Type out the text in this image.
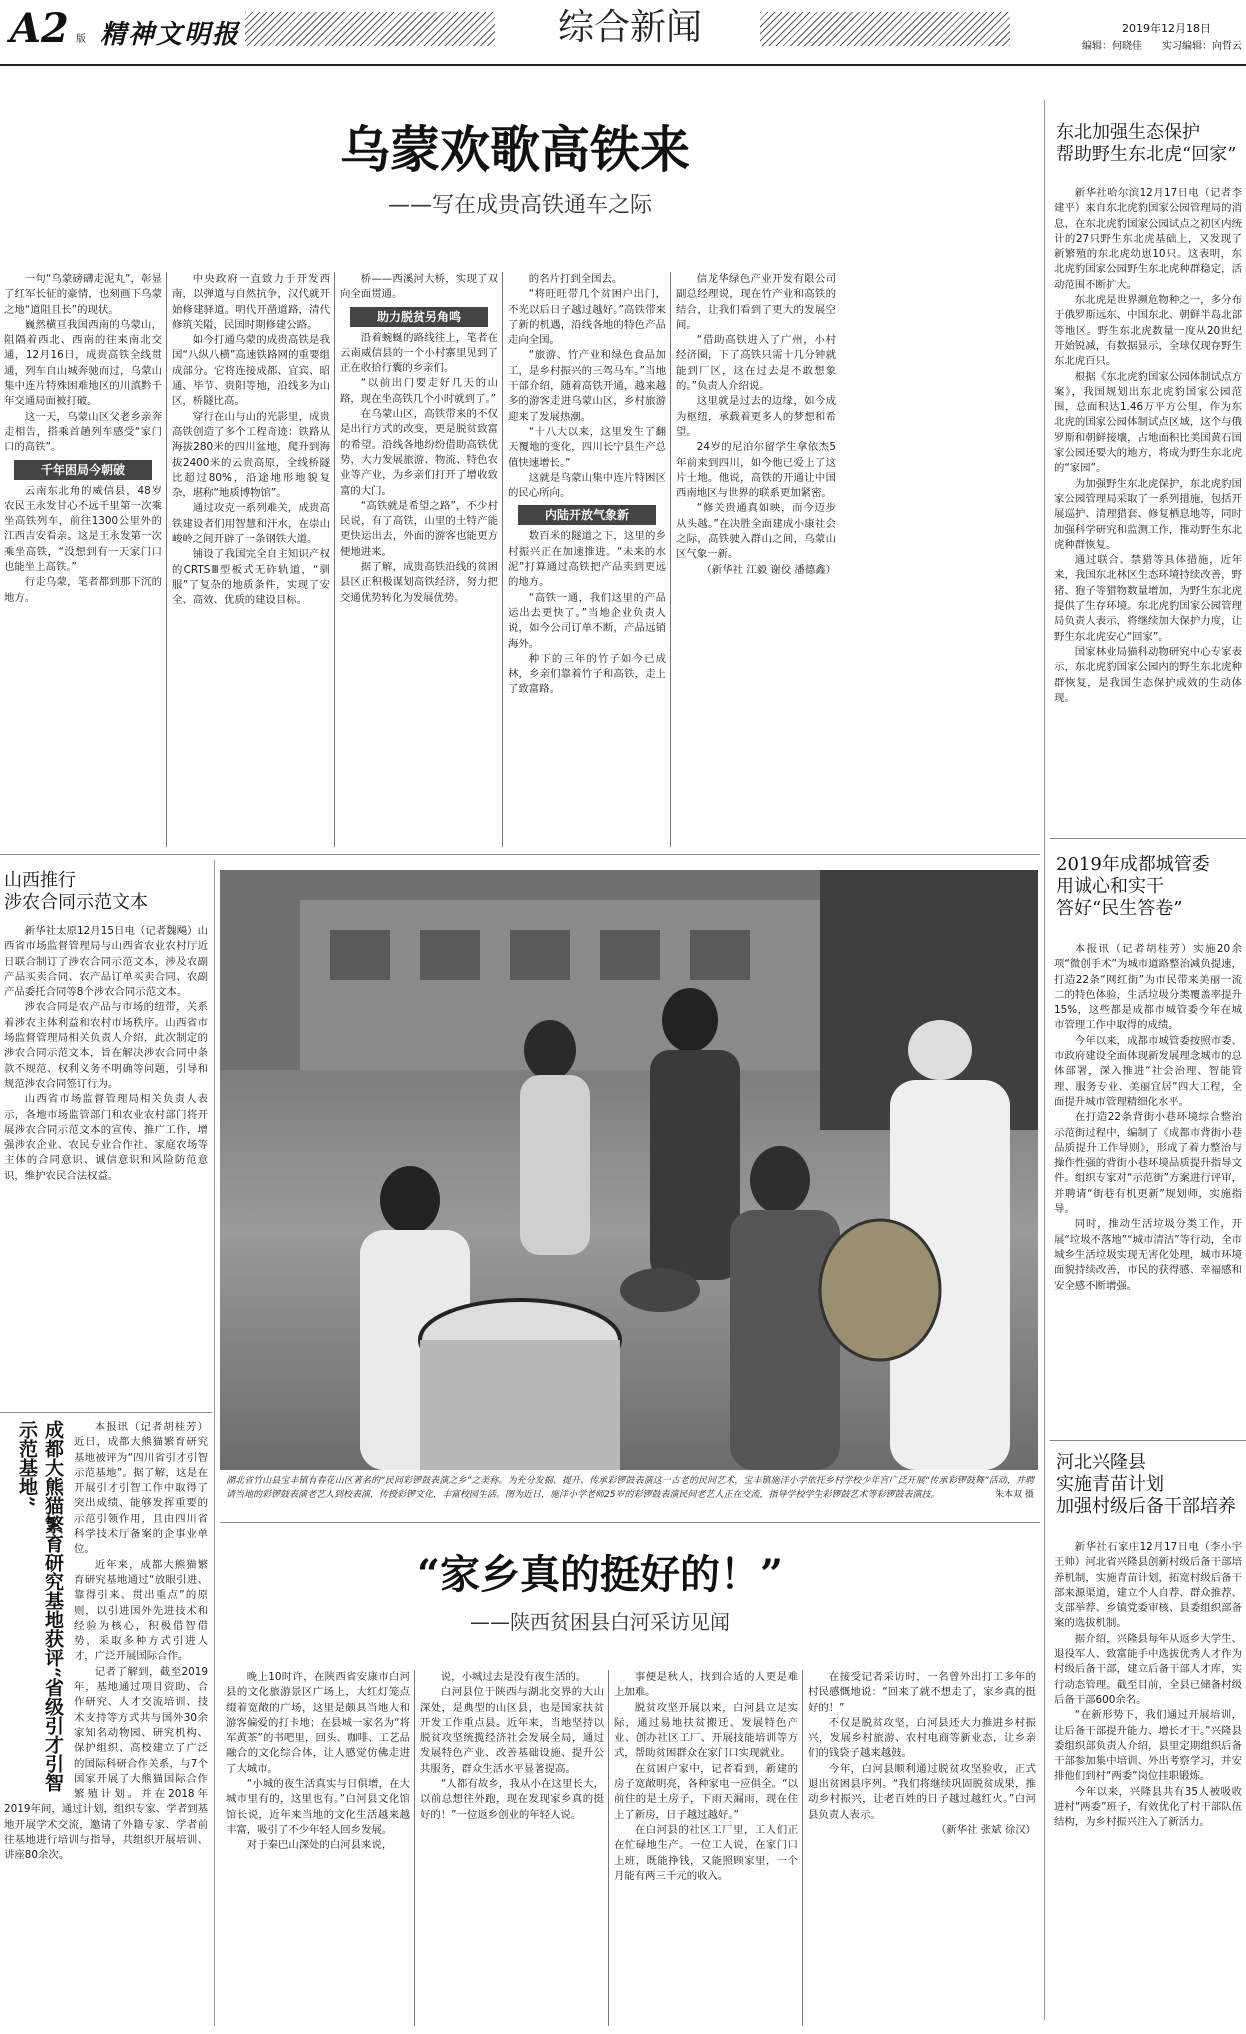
A2 版 精神文明报	综合新闻	2019年12月18日
编辑：何晓佳 实习编辑：向哲云
乌蒙欢歌高铁来
——写在成贵高铁通车之际

一句“乌蒙磅礴走泥丸”，彰显了红军长征的豪情，也刻画下乌蒙之地“道阻且长”的现状。

巍然横亘我国西南的乌蒙山，阻隔着西北、西南的往来南北交通，12月16日，成贵高铁全线贯通，列车自山城奔驰而过，乌蒙山集中连片特殊困难地区的川滇黔千年交通局面被打破。

这一天，乌蒙山区父老乡亲奔走相告，搭乘首趟列车感受“家门口的高铁”。

千年困局今朝破

云南东北角的威信县，48岁农民王永发甘心不远千里第一次乘坐高铁列车，前往1300公里外的江西吉安看亲。这是王永发第一次乘坐高铁，“没想到有一天家门口也能坐上高铁。”

行走乌蒙，笔者都到那下沉的地方。

中央政府一直致力于开发西南，以弹道与自然抗争，汉代就开始修建驿道。明代开凿道路，清代修筑关隘，民国时期修建公路。

如今打通乌蒙的成贵高铁是我国“八纵八横”高速铁路网的重要组成部分。它将连接成都、宜宾、昭通、毕节、贵阳等地，沿线多为山区，桥隧比高。

穿行在山与山的光影里，成贵高铁创造了多个工程奇迹：铁路从海拔280米的四川盆地，爬升到海拔2400米的云贵高原，全线桥隧比超过80%，沿途地形地貌复杂，堪称“地质博物馆”。

通过攻克一系列难关，成贵高铁建设者们用智慧和汗水，在崇山峻岭之间开辟了一条钢铁大道。

铺设了我国完全自主知识产权的CRTSⅢ型板式无砟轨道，“驯服”了复杂的地质条件，实现了安全、高效、优质的建设目标。

桥——西溪河大桥，实现了双向全面贯通。

助力脱贫另角鸣

沿着蜿蜒的路线往上，笔者在云南威信县的一个小村寨里见到了正在收拾行囊的乡亲们。

“以前出门要走好几天的山路，现在坐高铁几个小时就到了。”

在乌蒙山区，高铁带来的不仅是出行方式的改变，更是脱贫致富的希望。沿线各地纷纷借助高铁优势，大力发展旅游、物流、特色农业等产业，为乡亲们打开了增收致富的大门。

“高铁就是希望之路”，不少村民说，有了高铁，山里的土特产能更快运出去，外面的游客也能更方便地进来。

据了解，成贵高铁沿线的贫困县区正积极谋划高铁经济，努力把交通优势转化为发展优势。

的名片打到全国去。

“将旺旺带几个贫困户出门，不光以后日子越过越好。”高铁带来了新的机遇，沿线各地的特色产品走向全国。

“旅游、竹产业和绿色食品加工，是乡村振兴的三驾马车。”当地干部介绍，随着高铁开通，越来越多的游客走进乌蒙山区，乡村旅游迎来了发展热潮。

“十八大以来，这里发生了翻天覆地的变化，四川长宁县生产总值快速增长。”

这就是乌蒙山集中连片特困区的民心所向。

内陆开放气象新

数百米的隧道之下，这里的乡村振兴正在加速推进。“未来的水泥”打算通过高铁把产品卖到更远的地方。

“高铁一通，我们这里的产品运出去更快了。”当地企业负责人说，如今公司订单不断，产品远销海外。

种下的三年的竹子如今已成林，乡亲们靠着竹子和高铁，走上了致富路。

信龙华绿色产业开发有限公司副总经理说，现在竹产业和高铁的结合，让我们看到了更大的发展空间。

“借助高铁进入了广州，小村经济圈，下了高铁只需十几分钟就能到厂区，这在过去是不敢想象的。”负责人介绍说。

这里就是过去的边缘，如今成为枢纽，承载着更多人的梦想和希望。

24岁的尼泊尔留学生拿依杰5年前来到四川，如今他已爱上了这片土地。他说，高铁的开通让中国西南地区与世界的联系更加紧密。

“修关贵通真如映，而今迈步从头越。”在决胜全面建成小康社会之际，高铁驶入群山之间，乌蒙山区气象一新。

（新华社 江毅 谢佼 潘德鑫）

东北加强生态保护
帮助野生东北虎“回家”

新华社哈尔滨12月17日电（记者李建平）来自东北虎豹国家公园管理局的消息，在东北虎豹国家公园试点之初区内统计的27只野生东北虎基础上，又发现了新繁殖的东北虎幼崽10只。这表明，东北虎豹国家公园野生东北虎种群稳定，活动范围不断扩大。

东北虎是世界濒危物种之一，多分布于俄罗斯远东、中国东北、朝鲜半岛北部等地区。野生东北虎数量一度从20世纪开始锐减，有数据显示，全球仅现存野生东北虎百只。

根据《东北虎豹国家公园体制试点方案》，我国规划出东北虎豹国家公园范围，总面积达1.46万平方公里，作为东北虎的国家公园体制试点区域，这个与俄罗斯和朝鲜接壤，占地面积比美国黄石国家公园还要大的地方，将成为野生东北虎的“家园”。

为加强野生东北虎保护，东北虎豹国家公园管理局采取了一系列措施，包括开展巡护、清理猎套、修复栖息地等，同时加强科学研究和监测工作，推动野生东北虎种群恢复。

通过联合、禁猎等具体措施，近年来，我国东北林区生态环境持续改善，野猪、狍子等猎物数量增加，为野生东北虎提供了生存环境。东北虎豹国家公园管理局负责人表示，将继续加大保护力度，让野生东北虎安心“回家”。

国家林业局猫科动物研究中心专家表示，东北虎豹国家公园内的野生东北虎种群恢复，是我国生态保护成效的生动体现。

2019年成都城管委
用诚心和实干
答好“民生答卷”

本报讯（记者胡桂芳）实施20余项“微创手术”为城市道路整治减负提速，打造22条“网红街”为市民带来美丽一流二的特色体验，生活垃圾分类覆盖率提升15%，这些都是成都市城管委今年在城市管理工作中取得的成绩。

今年以来，成都市城管委按照市委、市政府建设全面体现新发展理念城市的总体部署，深入推进“社会治理、智能管理、服务专业、美丽宜居”四大工程，全面提升城市管理精细化水平。

在打造22条背街小巷环境综合整治示范街过程中，编制了《成都市背街小巷品质提升工作导则》，形成了着力整治与操作性强的背街小巷环境品质提升指导文件。组织专家对“示范街”方案进行评审，并聘请“街巷有机更新”规划师，实施指导。

同时，推动生活垃圾分类工作，开展“垃圾不落地”“城市清洁”等行动，全市城乡生活垃圾实现无害化处理，城市环境面貌持续改善，市民的获得感、幸福感和安全感不断增强。

河北兴隆县
实施青苗计划
加强村级后备干部培养

新华社石家庄12月17日电（李小宇 王帅）河北省兴隆县创新村级后备干部培养机制，实施青苗计划，拓宽村级后备干部来源渠道，建立个人自荐、群众推荐、支部举荐、乡镇党委审核、县委组织部备案的选拔机制。

据介绍，兴隆县每年从返乡大学生、退役军人、致富能手中选拔优秀人才作为村级后备干部，建立后备干部人才库，实行动态管理。截至目前，全县已储备村级后备干部600余名。

“在新形势下，我们通过开展培训，让后备干部提升能力、增长才干。”兴隆县委组织部负责人介绍，县里定期组织后备干部参加集中培训、外出考察学习，并安排他们到村“两委”岗位挂职锻炼。

今年以来，兴隆县共有35人被吸收进村“两委”班子，有效优化了村干部队伍结构，为乡村振兴注入了新活力。

山西推行
涉农合同示范文本

新华社太原12月15日电（记者魏飚）山西省市场监督管理局与山西省农业农村厅近日联合制订了涉农合同示范文本，涉及农副产品买卖合同、农产品订单买卖合同、农副产品委托合同等8个涉农合同示范文本。

涉农合同是农产品与市场的纽带，关系着涉农主体利益和农村市场秩序。山西省市场监督管理局相关负责人介绍，此次制定的涉农合同示范文本，旨在解决涉农合同中条款不规范、权利义务不明确等问题，引导和规范涉农合同签订行为。

山西省市场监督管理局相关负责人表示，各地市场监管部门和农业农村部门将开展涉农合同示范文本的宣传、推广工作，增强涉农企业、农民专业合作社、家庭农场等主体的合同意识、诚信意识和风险防范意识，维护农民合法权益。

成都大熊猫繁育研究基地获评“省级引才引智示范基地”	本报讯（记者胡桂芳）近日，成都大熊猫繁育研究基地被评为“四川省引才引智示范基地”。据了解，这是在开展引才引智工作中取得了突出成绩、能够发挥重要的示范引领作用，且由四川省科学技术厅备案的企事业单位。

近年来，成都大熊猫繁育研究基地通过“放眼引进、靠得引来、贯出重点”的原则，以引进国外先进技术和经验为核心，积极借智借势，采取多种方式引进人才，广泛开展国际合作。

记者了解到，截至2019年，基地通过项目资助、合作研究、人才交流培训、技术支持等方式共与国外30余家知名动物园、研究机构、保护组织、高校建立了广泛的国际科研合作关系，与7个国家开展了大熊猫国际合作繁殖计划。并在2018年2019年间，通过计划，组织专家、学者到基地开展学术交流，邀请了外籍专家、学者前往基地进行培训与指导，共组织开展培训、讲座80余次。

湖北省竹山县宝丰镇有春花山区著名的“民间彩锣鼓表演之乡”之美称。为充分发掘、提升、传承彩锣鼓表演这一古老的民间艺术，宝丰镇施洋小学依托乡村学校少年宫广泛开展“传承彩锣鼓舞”活动，并聘请当地的彩锣鼓表演老艺人到校表演，传授彩锣文化，丰富校园生活。图为近日，施洋小学老师25岁的彩锣鼓表演民间老艺人正在交流，指导学校学生彩锣鼓艺术等彩锣鼓表演技。	朱本双 摄
“家乡真的挺好的！”
——陕西贫困县白河采访见闻

晚上10时许，在陕西省安康市白河县的文化旅游景区广场上，大红灯笼点缀着宽敞的广场，这里是颇具当地人和游客偏爱的打卡地；在县城一家名为“将军黄茶”的书吧里，回头、咖啡、工艺品融合的文化综合体，让人感觉仿佛走进了大城市。

“小城的夜生活真实与日俱增，在大城市里有的，这里也有。”白河县文化馆馆长说，近年来当地的文化生活越来越丰富，吸引了不少年轻人回乡发展。

对于秦巴山深处的白河县来说，

说，小城过去是没有夜生活的。

白河县位于陕西与湖北交界的大山深处，是典型的山区县，也是国家扶贫开发工作重点县。近年来，当地坚持以脱贫攻坚统揽经济社会发展全局，通过发展特色产业、改善基础设施、提升公共服务，群众生活水平显著提高。

“人都有故乡，我从小在这里长大，以前总想往外跑，现在发现家乡真的挺好的！”一位返乡创业的年轻人说。

事便是秋人，找到合适的人更是难上加难。

脱贫攻坚开展以来，白河县立足实际，通过易地扶贫搬迁、发展特色产业、创办社区工厂、开展技能培训等方式，帮助贫困群众在家门口实现就业。

在贫困户家中，记者看到，新建的房子宽敞明亮，各种家电一应俱全。“以前住的是土房子，下雨天漏雨，现在住上了新房，日子越过越好。”

在白河县的社区工厂里，工人们正在忙碌地生产。一位工人说，在家门口上班，既能挣钱，又能照顾家里，一个月能有两三千元的收入。

在接受记者采访时，一名曾外出打工多年的村民感慨地说：“回来了就不想走了，家乡真的挺好的！”

不仅是脱贫攻坚，白河县还大力推进乡村振兴，发展乡村旅游、农村电商等新业态，让乡亲们的钱袋子越来越鼓。

今年，白河县顺利通过脱贫攻坚验收，正式退出贫困县序列。“我们将继续巩固脱贫成果，推动乡村振兴，让老百姓的日子越过越红火。”白河县负责人表示。

（新华社 张斌 徐汉）
